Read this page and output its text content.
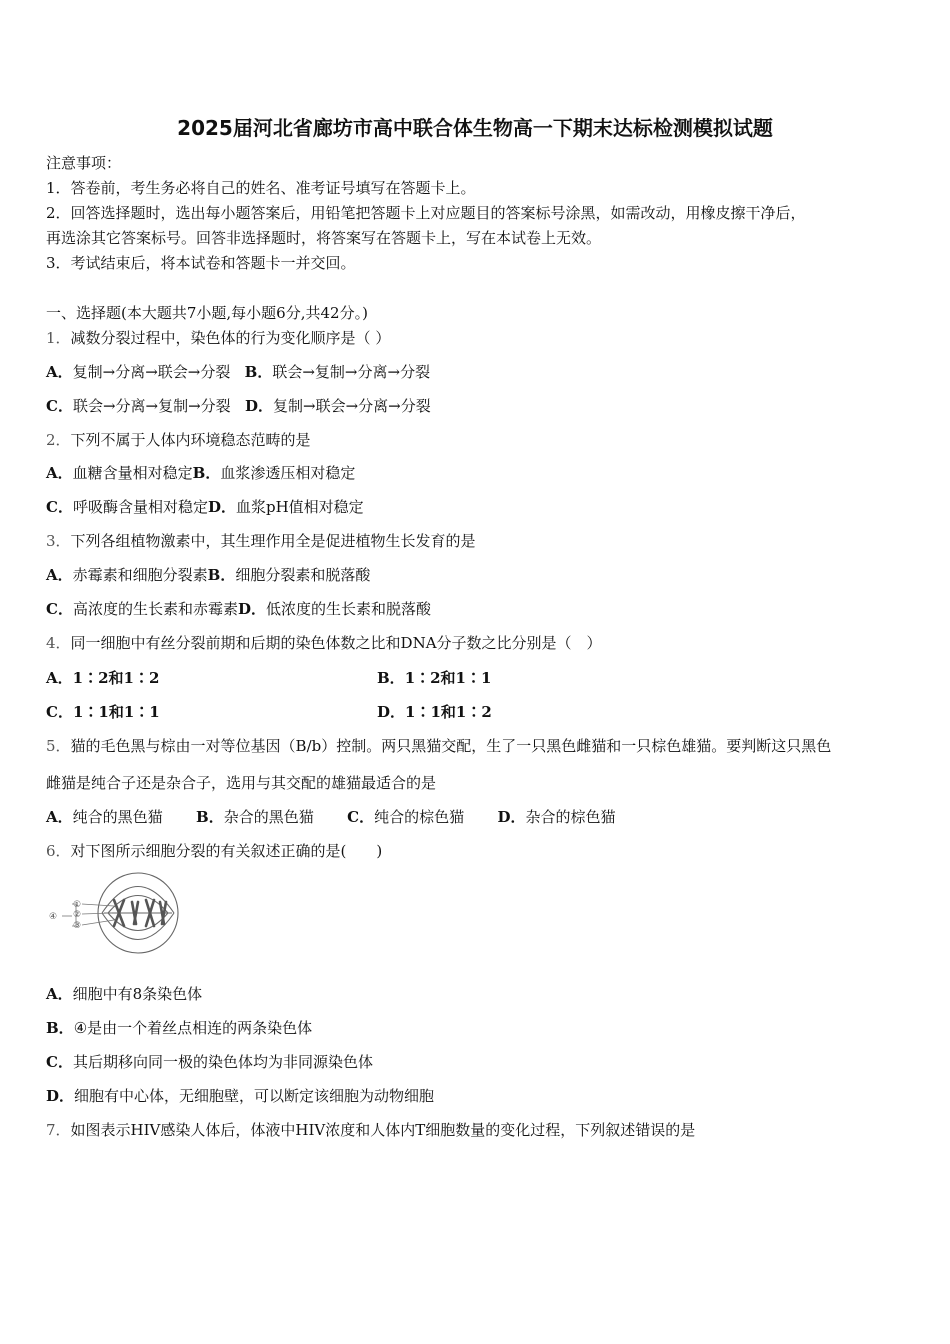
2025届河北省廊坊市高中联合体生物高一下期末达标检测模拟试题
注意事项：
1．答卷前，考生务必将自己的姓名、准考证号填写在答题卡上。
2．回答选择题时，选出每小题答案后，用铅笔把答题卡上对应题目的答案标号涂黑，如需改动，用橡皮擦干净后，
再选涂其它答案标号。回答非选择题时，将答案写在答题卡上，写在本试卷上无效。
3．考试结束后，将本试卷和答题卡一并交回。
一、选择题(本大题共7小题,每小题6分,共42分。)
1．减数分裂过程中，染色体的行为变化顺序是（ ）
A．复制→分离→联会→分裂 B．联会→复制→分离→分裂
C．联会→分离→复制→分裂 D．复制→联会→分离→分裂
2．下列不属于人体内环境稳态范畴的是
A．血糖含量相对稳定B．血浆渗透压相对稳定
C．呼吸酶含量相对稳定D．血浆pH值相对稳定
3．下列各组植物激素中，其生理作用全是促进植物生长发育的是
A．赤霉素和细胞分裂素B．细胞分裂素和脱落酸
C．高浓度的生长素和赤霉素D．低浓度的生长素和脱落酸
4．同一细胞中有丝分裂前期和后期的染色体数之比和DNA分子数之比分别是（　）
A．1∶2和1∶2	B．1∶2和1∶1
C．1∶1和1∶1	D．1∶1和1∶2
5．猫的毛色黑与棕由一对等位基因（B/b）控制。两只黑猫交配，生了一只黑色雌猫和一只棕色雄猫。要判断这只黑色
雌猫是纯合子还是杂合子，选用与其交配的雄猫最适合的是
A．纯合的黑色猫 B．杂合的黑色猫 C．纯合的棕色猫 D．杂合的棕色猫
6．对下图所示细胞分裂的有关叙述正确的是(　　)
①
②
③
④
A．细胞中有8条染色体
B．④是由一个着丝点相连的两条染色体
C．其后期移向同一极的染色体均为非同源染色体
D．细胞有中心体，无细胞壁，可以断定该细胞为动物细胞
7．如图表示HIV感染人体后，体液中HIV浓度和人体内T细胞数量的变化过程，下列叙述错误的是
